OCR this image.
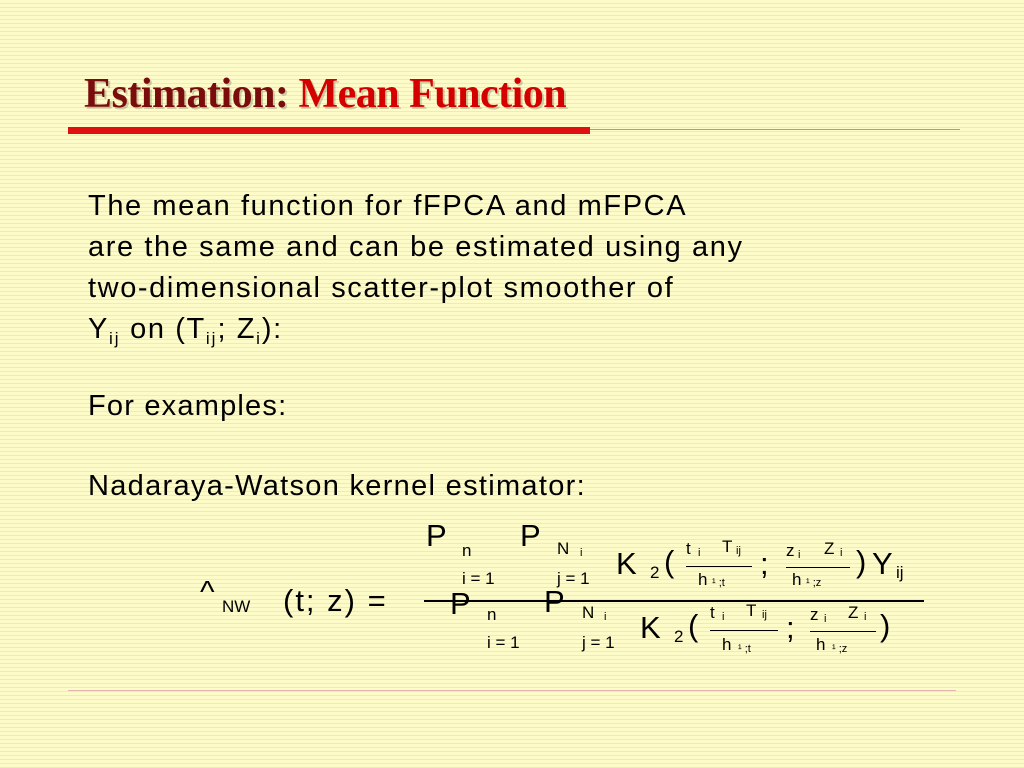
Estimation: Mean Function
The mean function for fFPCA and mFPCA
are the same and can be estimated using any
two-dimensional scatter-plot smoother of
$Y_{ij}$ on ($T_{ij}$; $Z_i$):
For examples:
Nadaraya-Watson kernel estimator:
^ NW (t; z) =
P n
i = 1
P N i
j = 1 K 2 ( t i T ij
h ¹ ;t
; z i Z i
h ¹ ;z
) Y ij
P n
i = 1
P N i
j = 1 K 2 ( t i T ij
h ¹ ;t
; z i Z i
h ¹ ;z
)
